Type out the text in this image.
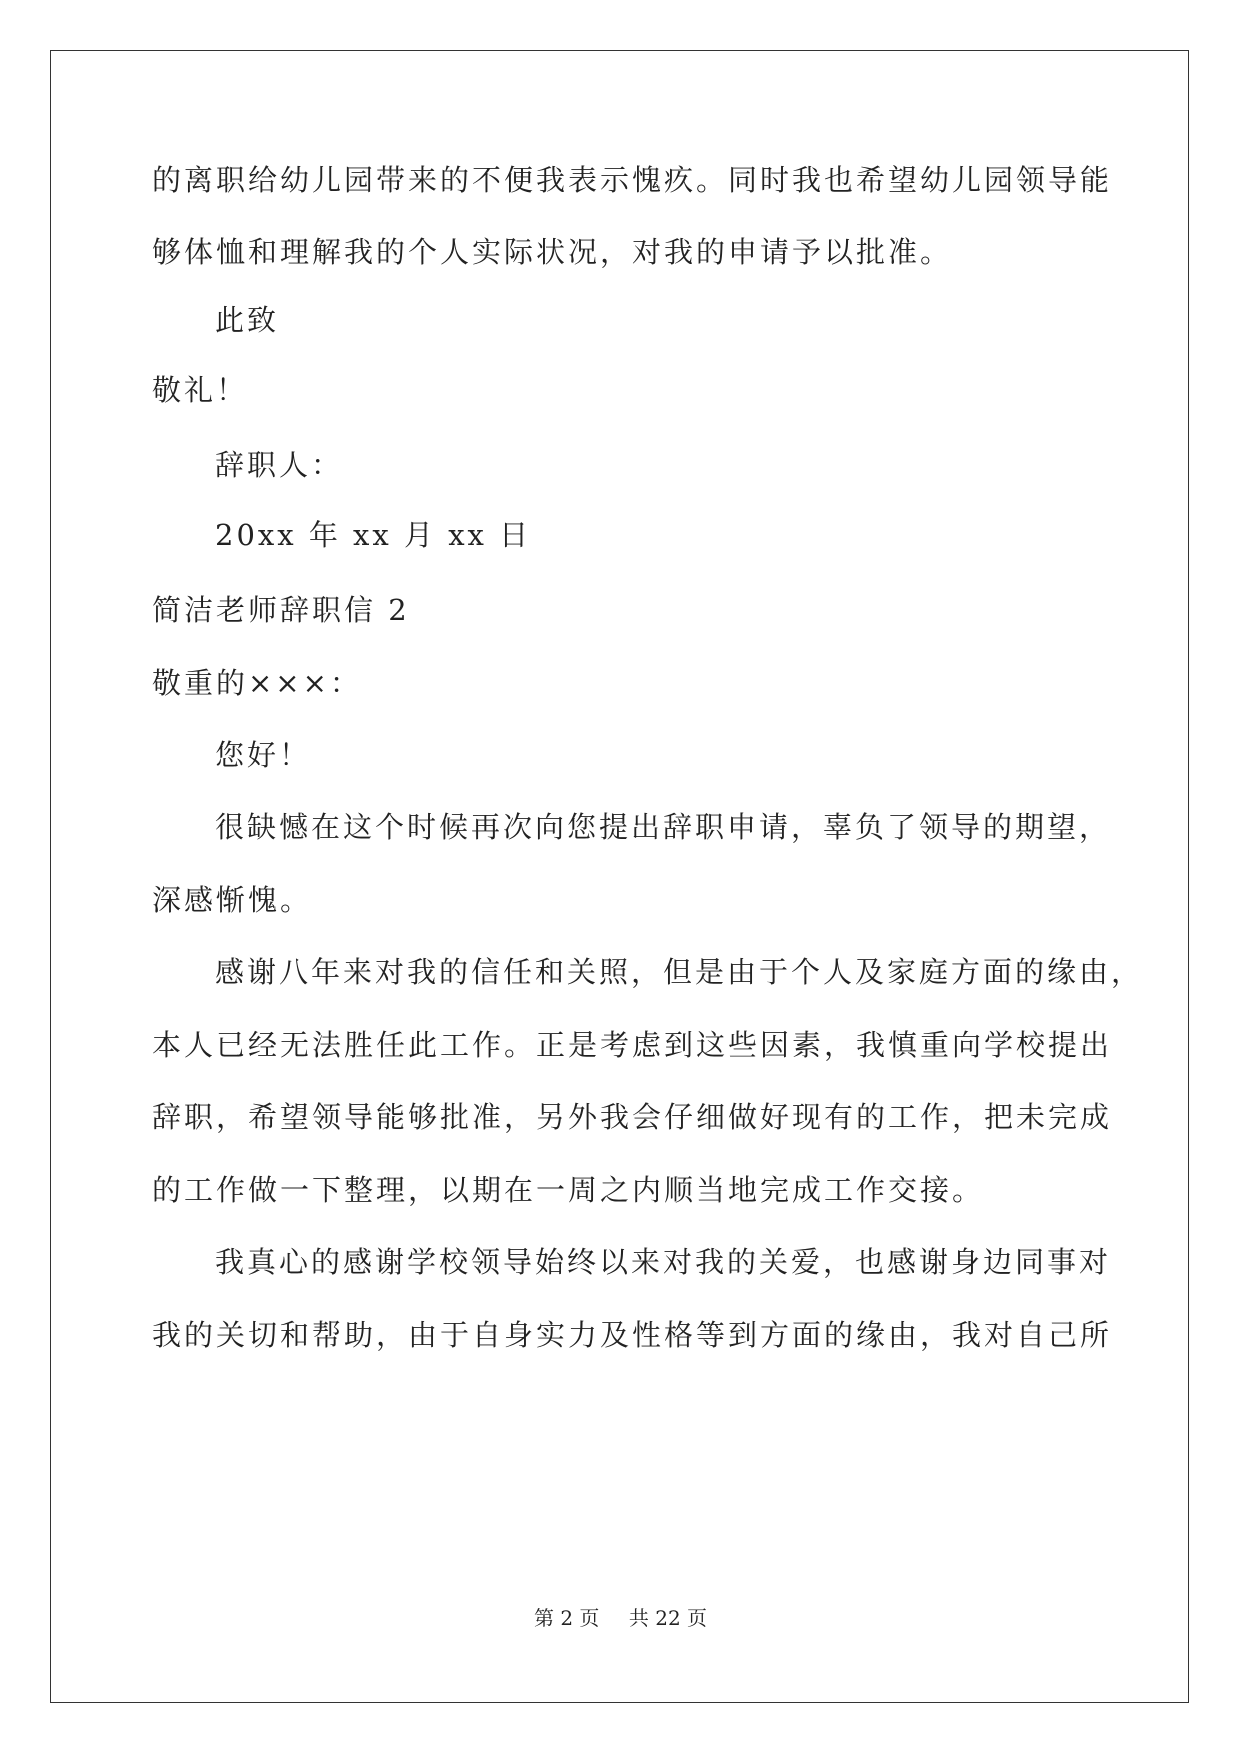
的离职给幼儿园带来的不便我表示愧疚。同时我也希望幼儿园领导能
够体恤和理解我的个人实际状况，对我的申请予以批准。
此致
敬礼！
辞职人：
20xx 年 xx 月 xx 日
简洁老师辞职信 2
敬重的×××：
您好！
很缺憾在这个时候再次向您提出辞职申请，辜负了领导的期望，
深感惭愧。
感谢八年来对我的信任和关照，但是由于个人及家庭方面的缘由，
本人已经无法胜任此工作。正是考虑到这些因素，我慎重向学校提出
辞职，希望领导能够批准，另外我会仔细做好现有的工作，把未完成
的工作做一下整理，以期在一周之内顺当地完成工作交接。
我真心的感谢学校领导始终以来对我的关爱，也感谢身边同事对
我的关切和帮助，由于自身实力及性格等到方面的缘由，我对自己所
第 2 页 共 22 页
